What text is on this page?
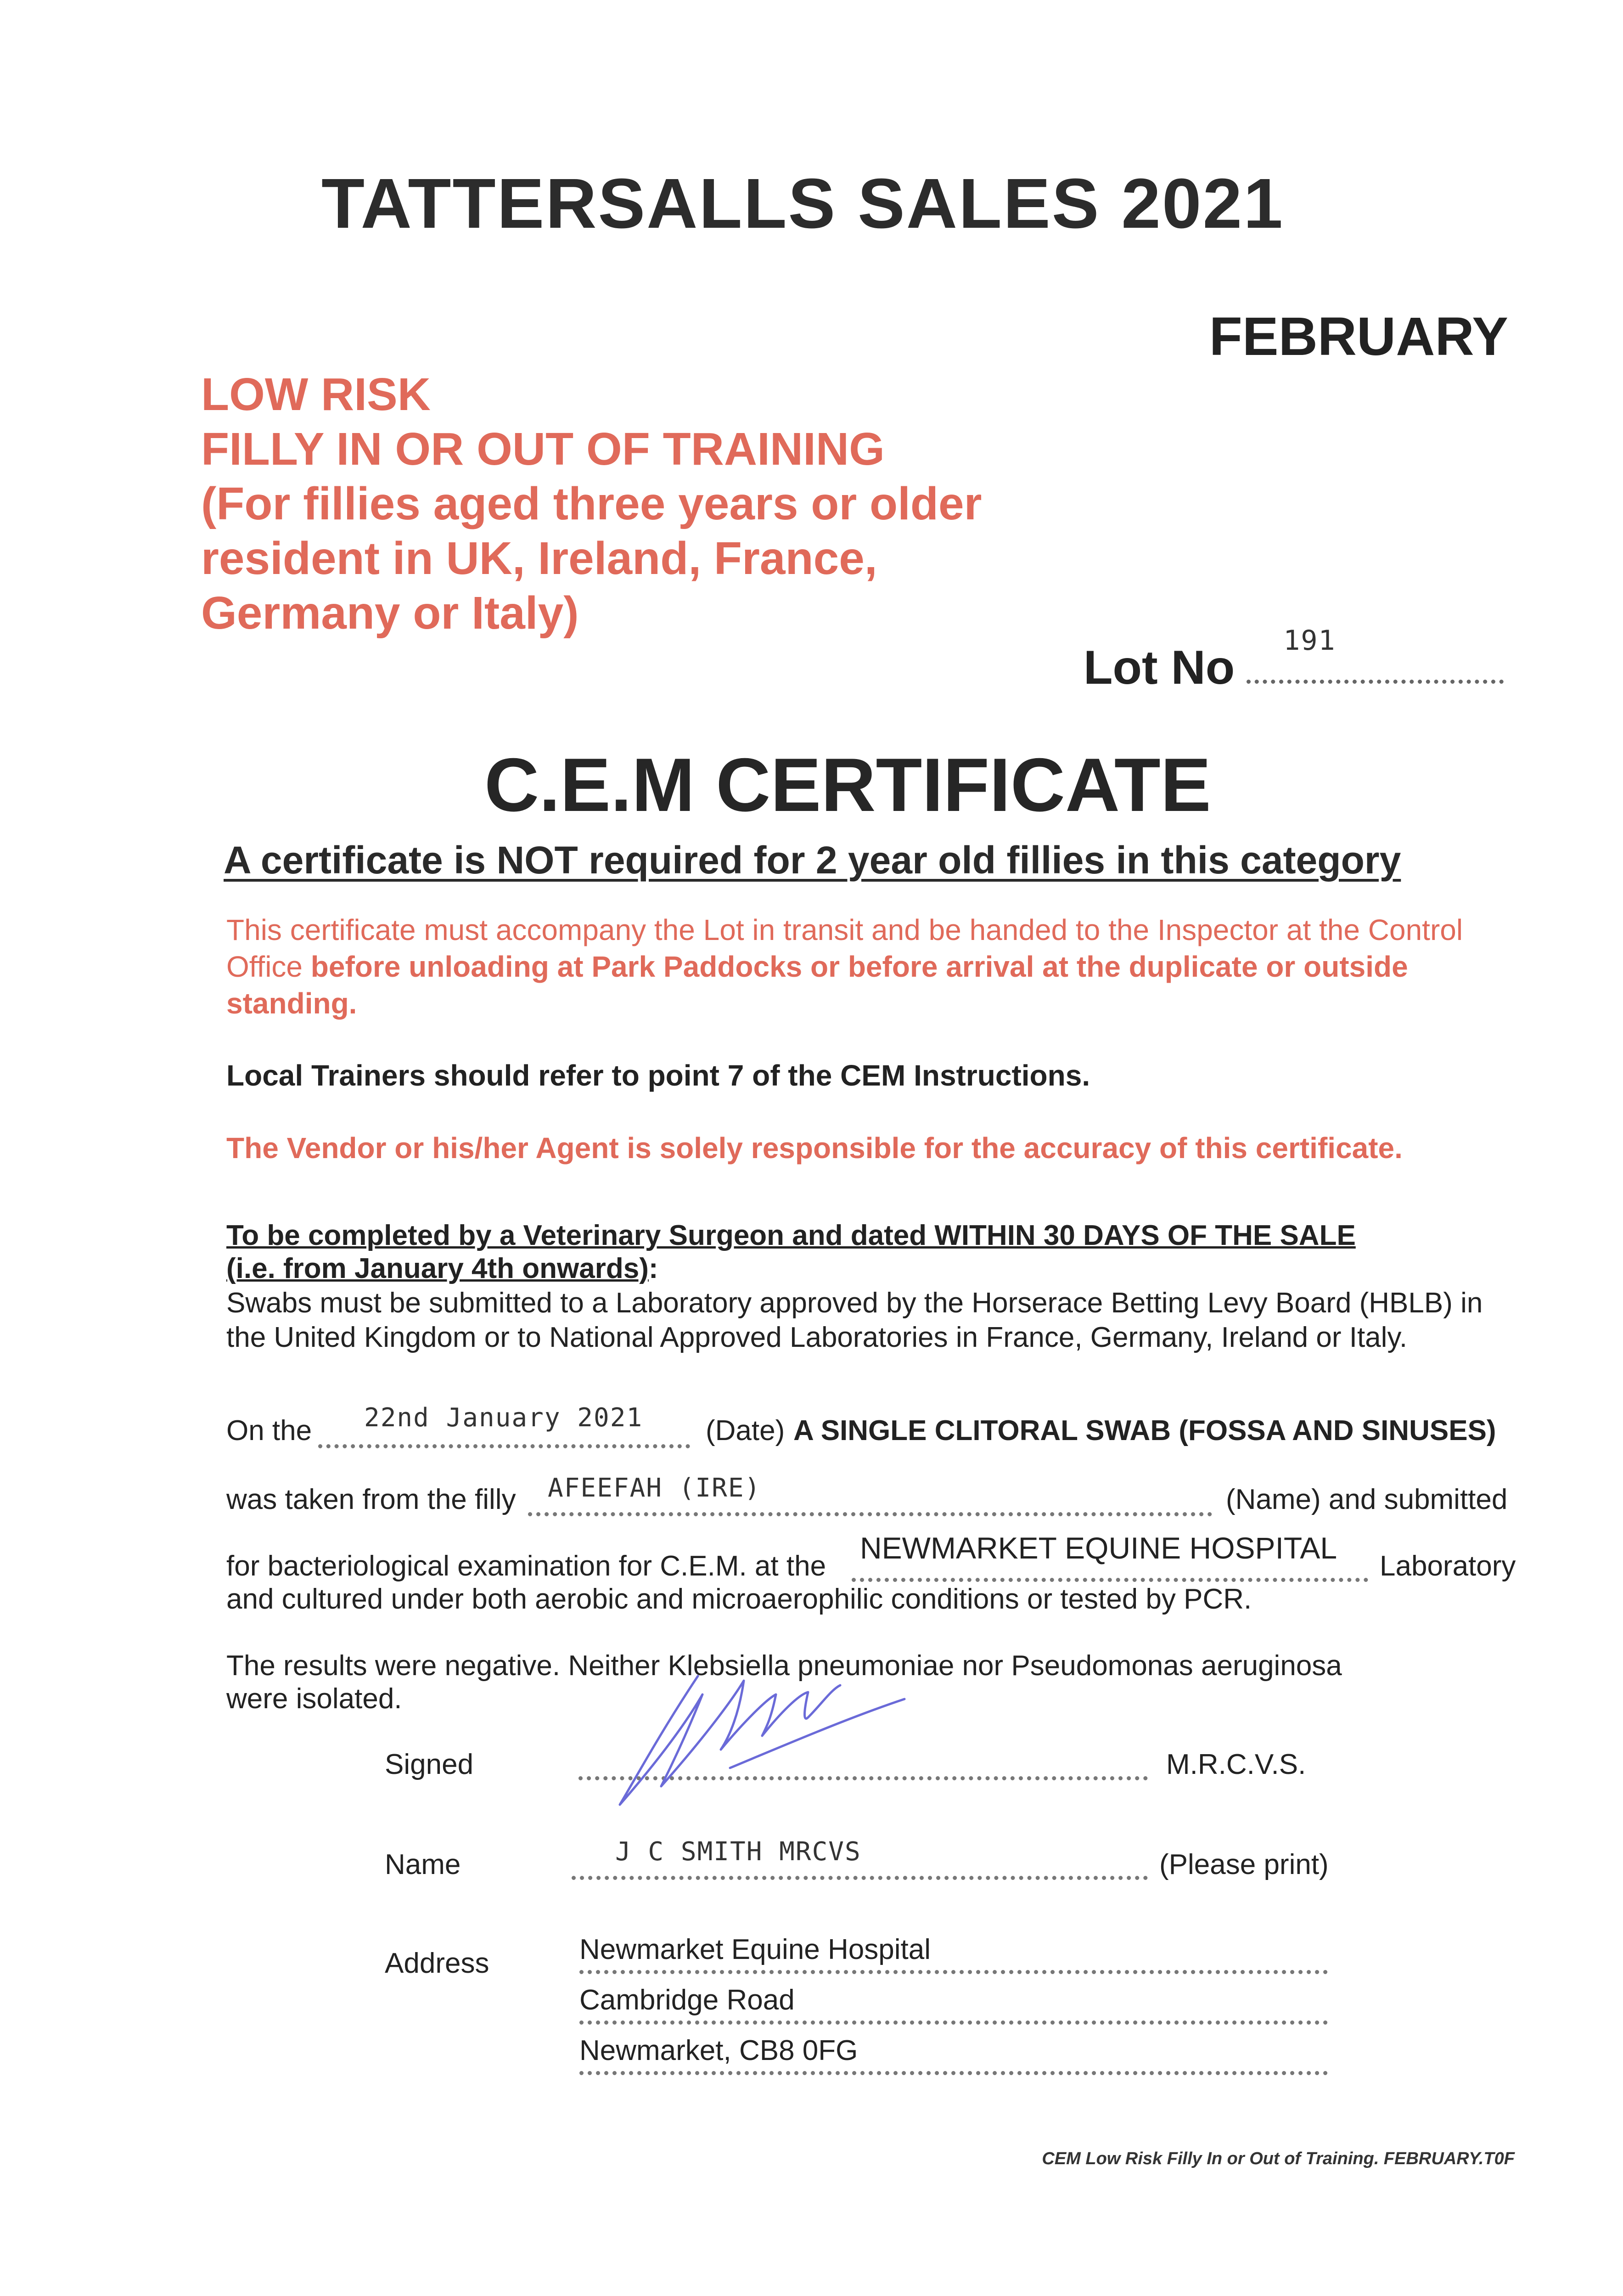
TATTERSALLS SALES 2021
FEBRUARY
LOW RISK
FILLY IN OR OUT OF TRAINING
(For fillies aged three years or older
resident in UK, Ireland, France,
Germany or Italy)
Lot No
191
C.E.M CERTIFICATE
A certificate is NOT required for 2 year old fillies in this category
This certificate must accompany the Lot in transit and be handed to the Inspector at the Control Office before unloading at Park Paddocks or before arrival at the duplicate or outside standing.
Local Trainers should refer to point 7 of the CEM Instructions.
The Vendor or his/her Agent is solely responsible for the accuracy of this certificate.
To be completed by a Veterinary Surgeon and dated WITHIN 30 DAYS OF THE SALE
(i.e. from January 4th onwards):
Swabs must be submitted to a Laboratory approved by the Horserace Betting Levy Board (HBLB) in the United Kingdom or to National Approved Laboratories in France, Germany, Ireland or Italy.
On the 22nd January 2021 (Date) A SINGLE CLITORAL SWAB (FOSSA AND SINUSES)
was taken from the filly AFEEFAH (IRE)	(Name) and submitted
for bacteriological examination for C.E.M. at the
NEWMARKET EQUINE HOSPITAL
Laboratory
and cultured under both aerobic and microaerophilic conditions or tested by PCR.
The results were negative. Neither Klebsiella pneumoniae nor Pseudomonas aeruginosa
were isolated.
Signed	M.R.C.V.S.
Name	J C SMITH MRCVS	(Please print)
Address	Newmarket Equine Hospital
Cambridge Road
Newmarket, CB8 0FG
CEM Low Risk Filly In or Out of Training. FEBRUARY.T0F
